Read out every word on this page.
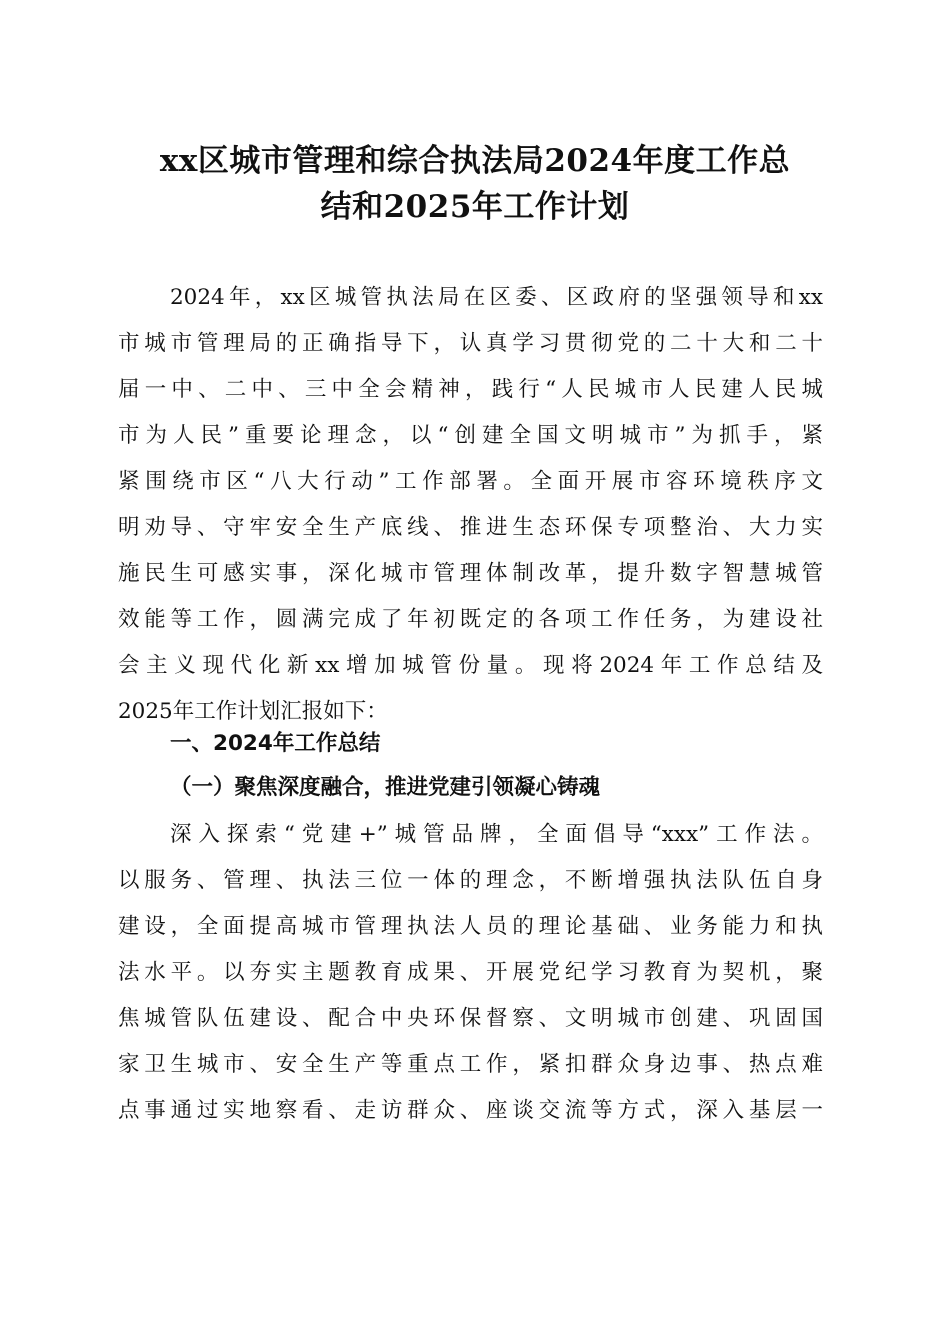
xx区城市管理和综合执法局2024年度工作总
结和2025年工作计划
2024年，xx区城管执法局在区委、区政府的坚强领导和xx
市城市管理局的正确指导下，认真学习贯彻党的二十大和二十
届一中、二中、三中全会精神，践行“人民城市人民建人民城
市为人民”重要论理念，以“创建全国文明城市”为抓手，紧
紧围绕市区“八大行动”工作部署。全面开展市容环境秩序文
明劝导、守牢安全生产底线、推进生态环保专项整治、大力实
施民生可感实事，深化城市管理体制改革，提升数字智慧城管
效能等工作，圆满完成了年初既定的各项工作任务，为建设社
会主义现代化新xx增加城管份量。现将2024年工作总结及
2025年工作计划汇报如下：
一、2024年工作总结
（一）聚焦深度融合，推进党建引领凝心铸魂
深入探索“党建+”城管品牌，全面倡导“xxx”工作法。
以服务、管理、执法三位一体的理念，不断增强执法队伍自身
建设，全面提高城市管理执法人员的理论基础、业务能力和执
法水平。以夯实主题教育成果、开展党纪学习教育为契机，聚
焦城管队伍建设、配合中央环保督察、文明城市创建、巩固国
家卫生城市、安全生产等重点工作，紧扣群众身边事、热点难
点事通过实地察看、走访群众、座谈交流等方式，深入基层一
